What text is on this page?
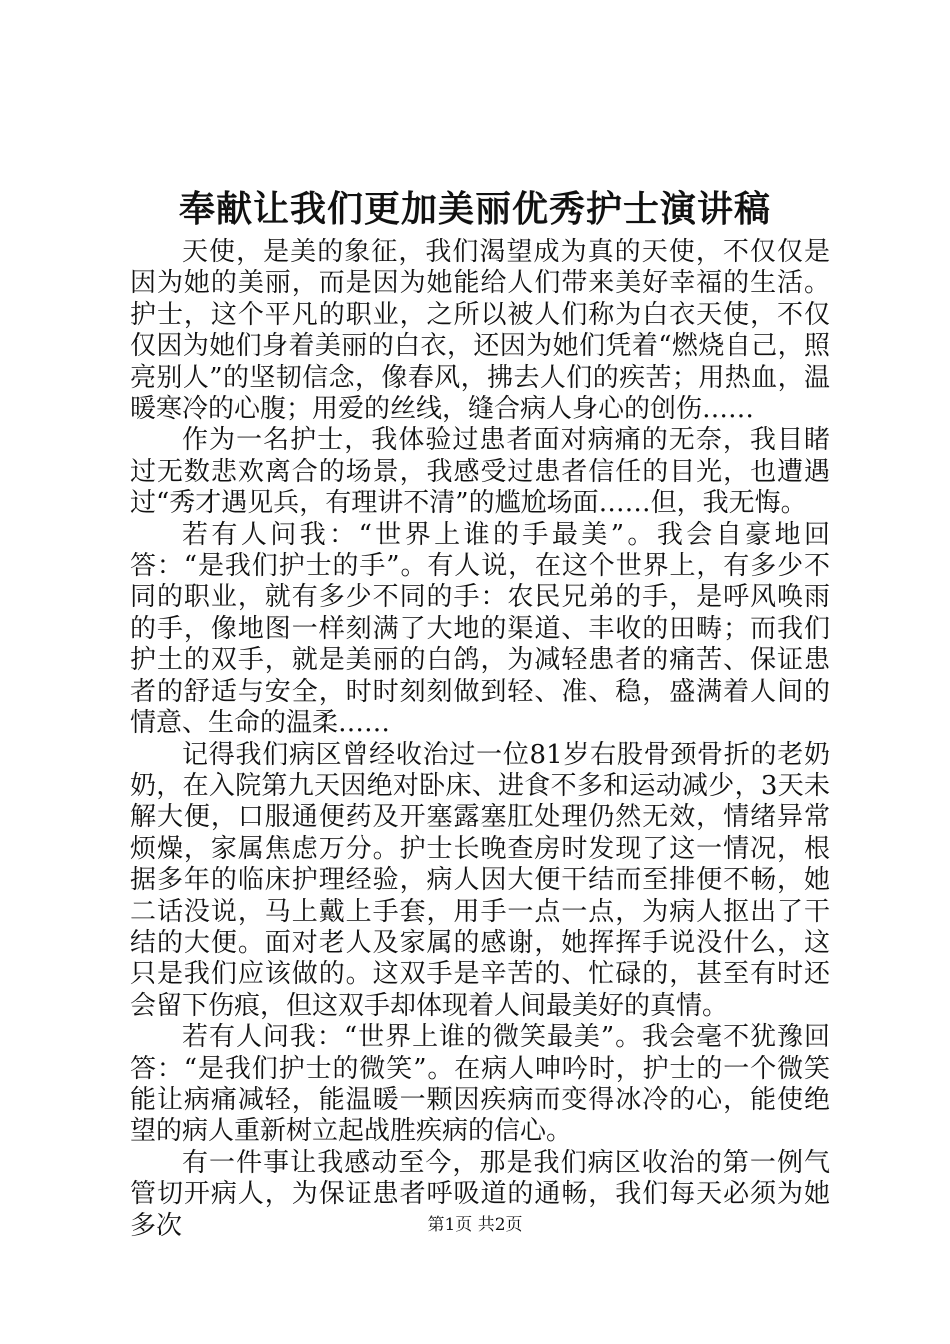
奉献让我们更加美丽优秀护士演讲稿

天使，是美的象征，我们渴望成为真的天使，不仅仅是因为她的美丽，而是因为她能给人们带来美好幸福的生活。护士，这个平凡的职业，之所以被人们称为白衣天使，不仅仅因为她们身着美丽的白衣，还因为她们凭着“燃烧自己，照亮别人”的坚韧信念，像春风，拂去人们的疾苦；用热血，温暖寒冷的心腹；用爱的丝线，缝合病人身心的创伤……

作为一名护士，我体验过患者面对病痛的无奈，我目睹过无数悲欢离合的场景，我感受过患者信任的目光，也遭遇过“秀才遇见兵，有理讲不清”的尴尬场面……但，我无悔。

若有人问我：“世界上谁的手最美”。我会自豪地回答：“是我们护士的手”。有人说，在这个世界上，有多少不同的职业，就有多少不同的手：农民兄弟的手，是呼风唤雨的手，像地图一样刻满了大地的渠道、丰收的田畴；而我们护土的双手，就是美丽的白鸽，为减轻患者的痛苦、保证患者的舒适与安全，时时刻刻做到轻、准、稳，盛满着人间的情意、生命的温柔……

记得我们病区曾经收治过一位81岁右股骨颈骨折的老奶奶，在入院第九天因绝对卧床、进食不多和运动减少，3天未解大便，口服通便药及开塞露塞肛处理仍然无效，情绪异常烦燥，家属焦虑万分。护士长晚查房时发现了这一情况，根据多年的临床护理经验，病人因大便干结而至排便不畅，她二话没说，马上戴上手套，用手一点一点，为病人抠出了干结的大便。面对老人及家属的感谢，她挥挥手说没什么，这只是我们应该做的。这双手是辛苦的、忙碌的，甚至有时还会留下伤痕，但这双手却体现着人间最美好的真情。

若有人问我：“世界上谁的微笑最美”。我会毫不犹豫回答：“是我们护士的微笑”。在病人呻吟时，护士的一个微笑能让病痛减轻，能温暖一颗因疾病而变得冰冷的心，能使绝望的病人重新树立起战胜疾病的信心。

有一件事让我感动至今，那是我们病区收治的第一例气管切开病人，为保证患者呼吸道的通畅，我们每天必须为她多次	第1页 共2页
